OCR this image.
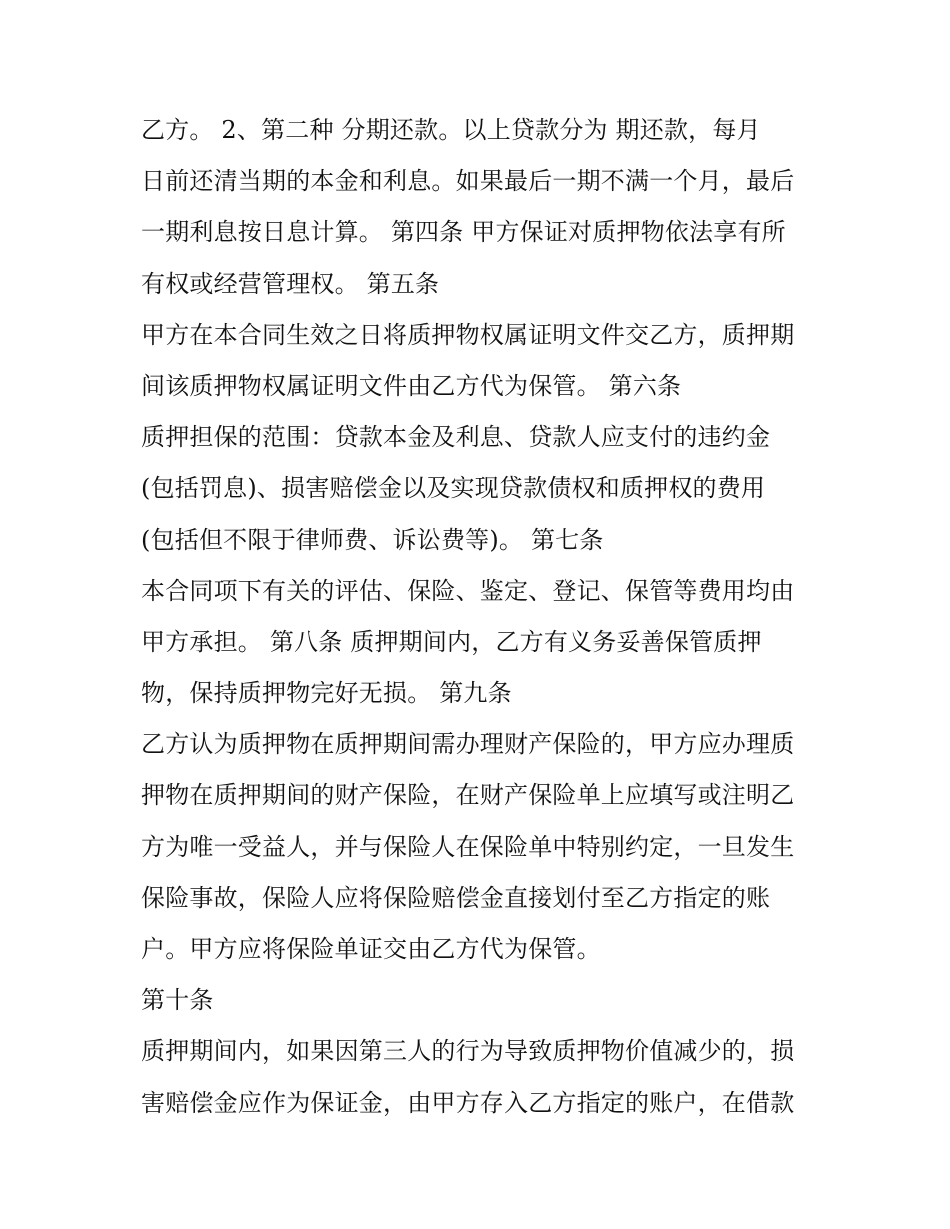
乙方。 2、第二种 分期还款。以上贷款分为 期还款，每月
日前还清当期的本金和利息。如果最后一期不满一个月，最后
一期利息按日息计算。 第四条 甲方保证对质押物依法享有所
有权或经营管理权。 第五条
甲方在本合同生效之日将质押物权属证明文件交乙方，质押期
间该质押物权属证明文件由乙方代为保管。 第六条
质押担保的范围：贷款本金及利息、贷款人应支付的违约金
(包括罚息)、损害赔偿金以及实现贷款债权和质押权的费用
(包括但不限于律师费、诉讼费等)。 第七条
本合同项下有关的评估、保险、鉴定、登记、保管等费用均由
甲方承担。 第八条 质押期间内，乙方有义务妥善保管质押
物，保持质押物完好无损。 第九条
乙方认为质押物在质押期间需办理财产保险的，甲方应办理质
押物在质押期间的财产保险，在财产保险单上应填写或注明乙
方为唯一受益人，并与保险人在保险单中特别约定，一旦发生
保险事故，保险人应将保险赔偿金直接划付至乙方指定的账
户。甲方应将保险单证交由乙方代为保管。
第十条
质押期间内，如果因第三人的行为导致质押物价值减少的，损
害赔偿金应作为保证金，由甲方存入乙方指定的账户，在借款
